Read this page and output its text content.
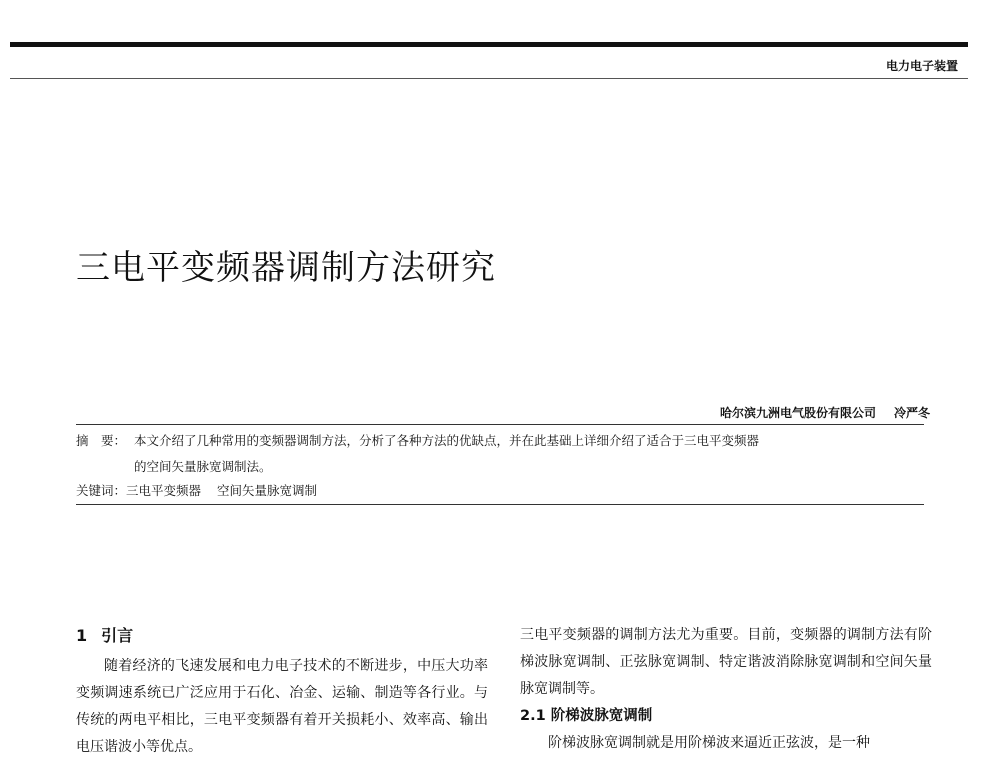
电力电子装置
三电平变频器调制方法研究
哈尔滨九洲电气股份有限公司 冷严冬
摘　要： 本文介绍了几种常用的变频器调制方法，分析了各种方法的优缺点，并在此基础上详细介绍了适合于三电平变频器
的空间矢量脉宽调制法。
关键词：三电平变频器 空间矢量脉宽调制
1 引言

随着经济的飞速发展和电力电子技术的不断进步，中压大功率变频调速系统已广泛应用于石化、冶金、运输、制造等各行业。与传统的两电平相比，三电平变频器有着开关损耗小、效率高、输出电压谐波小等优点。

三电平变频器的调制方法尤为重要。目前，变频器的调制方法有阶梯波脉宽调制、正弦脉宽调制、特定谐波消除脉宽调制和空间矢量脉宽调制等。

2.1 阶梯波脉宽调制

阶梯波脉宽调制就是用阶梯波来逼近正弦波，是一种
